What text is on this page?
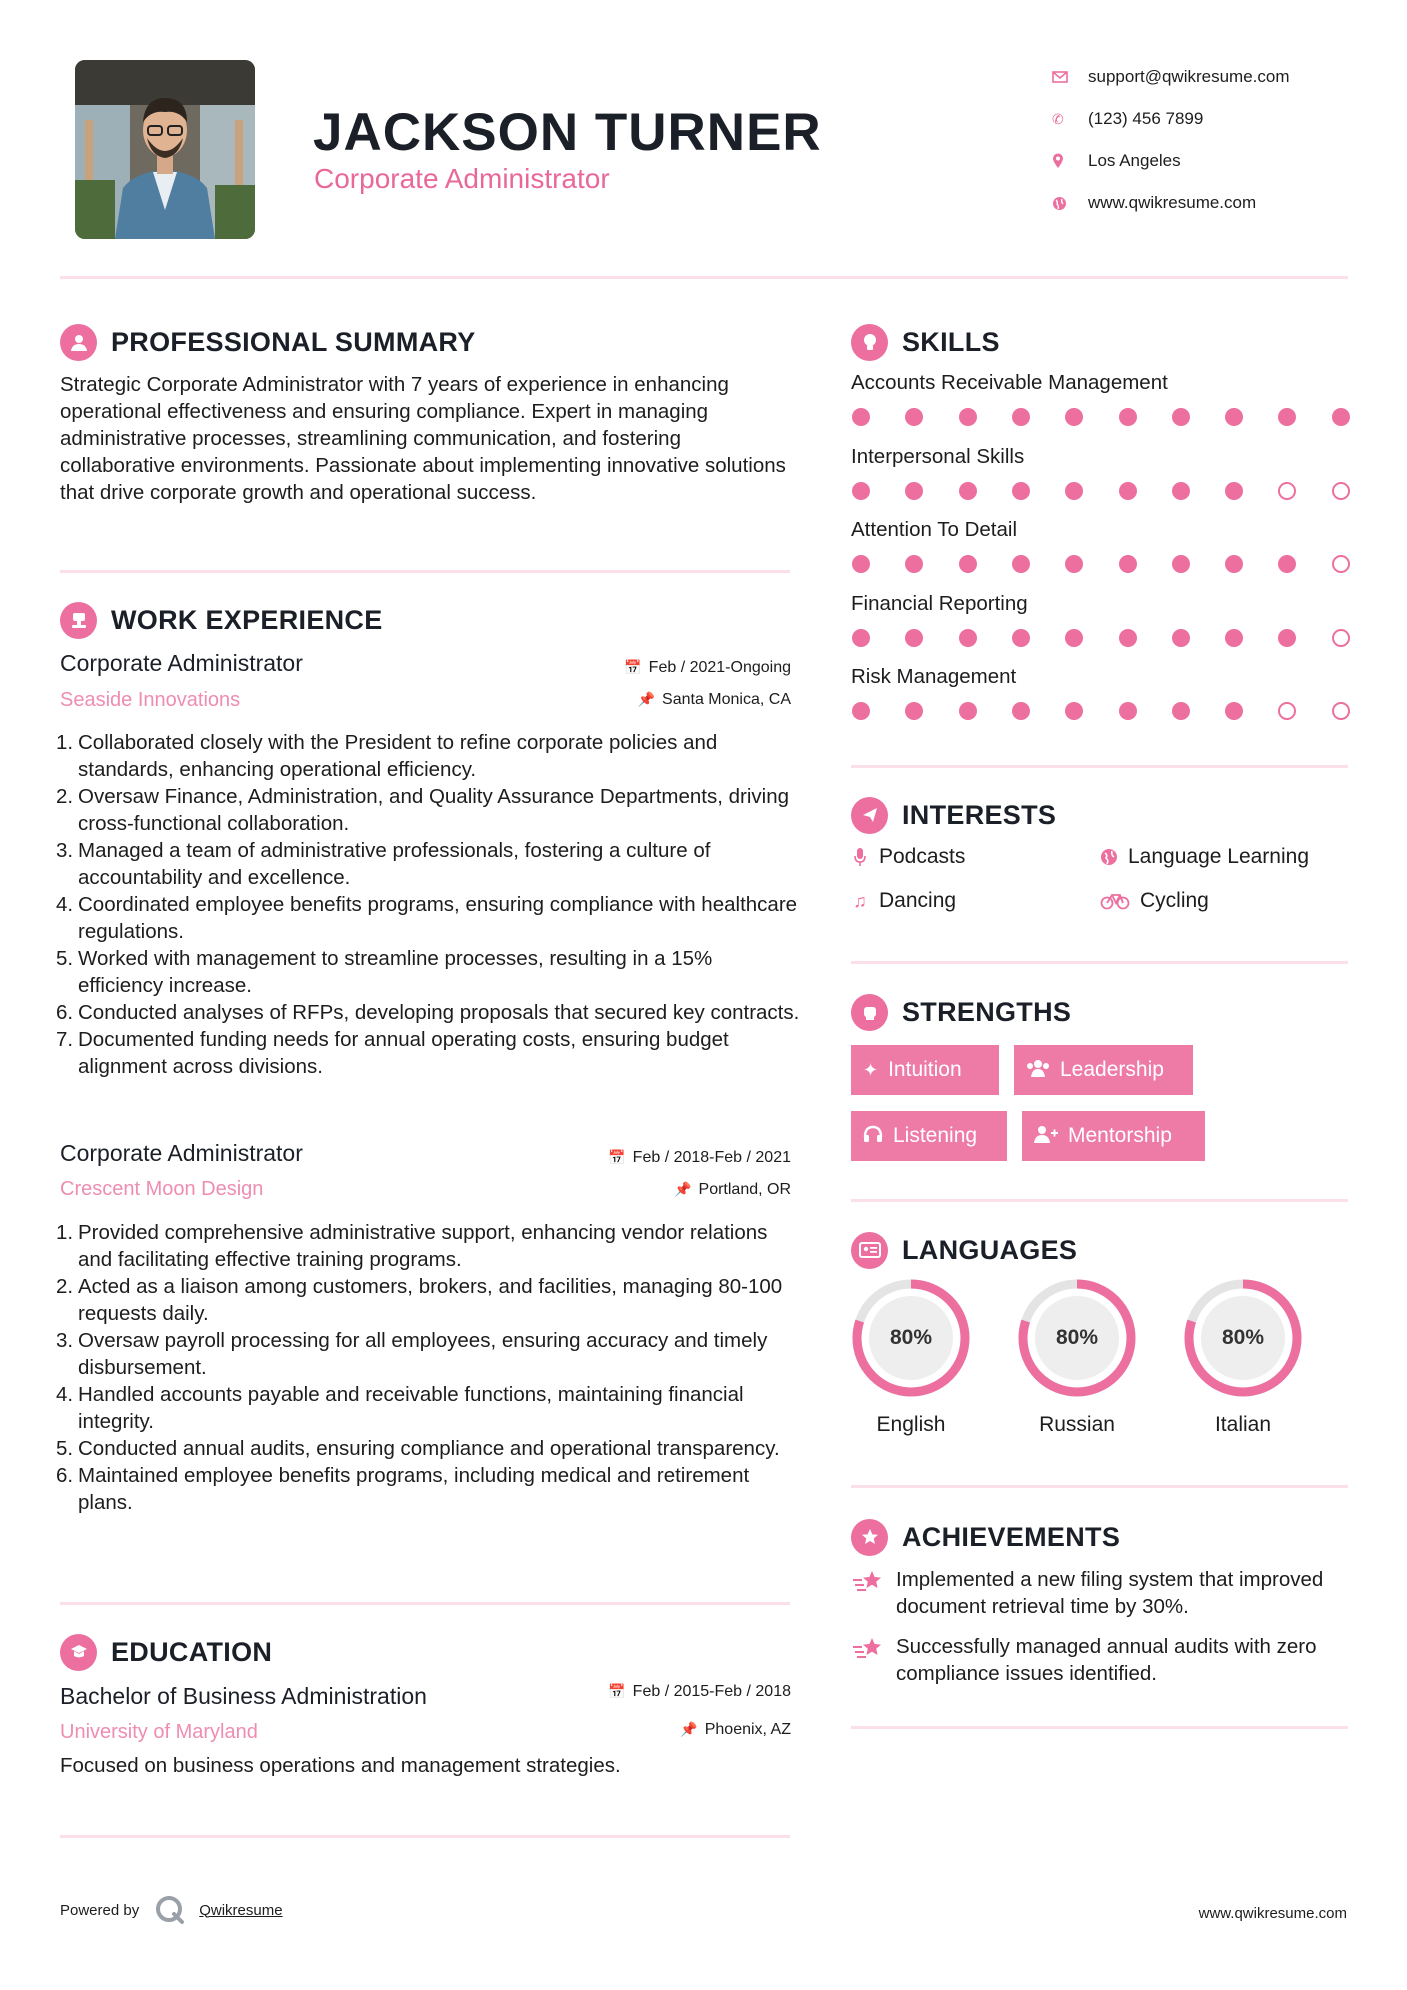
JACKSON TURNER
Corporate Administrator
support@qwikresume.com
✆	(123) 456 7899
Los Angeles
www.qwikresume.com
PROFESSIONAL SUMMARY
Strategic Corporate Administrator with 7 years of experience in enhancing operational effectiveness and ensuring compliance. Expert in managing administrative processes, streamlining communication, and fostering collaborative environments. Passionate about implementing innovative solutions that drive corporate growth and operational success.
WORK EXPERIENCE
Corporate Administrator
Seaside Innovations
📅 Feb / 2021-Ongoing
📌 Santa Monica, CA
1. Collaborated closely with the President to refine corporate policies and standards, enhancing operational efficiency.
2. Oversaw Finance, Administration, and Quality Assurance Departments, driving cross-functional collaboration.
3. Managed a team of administrative professionals, fostering a culture of accountability and excellence.
4. Coordinated employee benefits programs, ensuring compliance with healthcare regulations.
5. Worked with management to streamline processes, resulting in a 15% efficiency increase.
6. Conducted analyses of RFPs, developing proposals that secured key contracts.
7. Documented funding needs for annual operating costs, ensuring budget alignment across divisions.
Corporate Administrator
Crescent Moon Design
📅 Feb / 2018-Feb / 2021
📌 Portland, OR
1. Provided comprehensive administrative support, enhancing vendor relations and facilitating effective training programs.
2. Acted as a liaison among customers, brokers, and facilities, managing 80-100 requests daily.
3. Oversaw payroll processing for all employees, ensuring accuracy and timely disbursement.
4. Handled accounts payable and receivable functions, maintaining financial integrity.
5. Conducted annual audits, ensuring compliance and operational transparency.
6. Maintained employee benefits programs, including medical and retirement plans.
EDUCATION
Bachelor of Business Administration
University of Maryland
📅 Feb / 2015-Feb / 2018
📌 Phoenix, AZ
Focused on business operations and management strategies.
Powered by	Qwikresume	www.qwikresume.com
SKILLS
Accounts Receivable Management
Interpersonal Skills
Attention To Detail
Financial Reporting
Risk Management
INTERESTS
Podcasts	Language Learning
♫ Dancing	Cycling
STRENGTHS
✦ Intuition	Leadership
Listening	Mentorship
LANGUAGES
80%
English
80%
Russian
80%
Italian
ACHIEVEMENTS
Implemented a new filing system that improved document retrieval time by 30%.
Successfully managed annual audits with zero compliance issues identified.
